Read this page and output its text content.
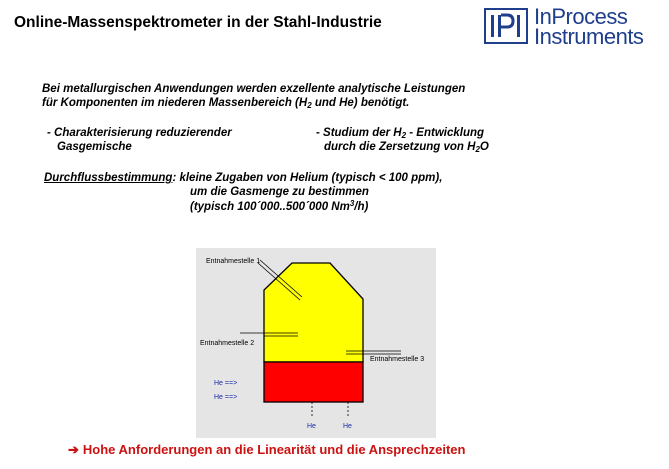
Online-Massenspektrometer in der Stahl-Industrie	InProcess
Instruments
Bei metallurgischen Anwendungen werden exzellente analytische Leistungen
für Komponenten im niederen Massenbereich ($H_2$ und He) benötigt.
- Charakterisierung reduzierender
Gasgemische
- Studium der $H_2$ - Entwicklung
durch die Zersetzung von $H_2O$
Durchflussbestimmung: kleine Zugaben von Helium (typisch < 100 ppm),
um die Gasmenge zu bestimmen
(typisch 100´000..500´000 Nm$^3$/h)
Entnahmestelle 1
Entnahmestelle 2
Entnahmestelle 3
He ==>
He ==>
He	He
➔ Hohe Anforderungen an die Linearität und die Ansprechzeiten
